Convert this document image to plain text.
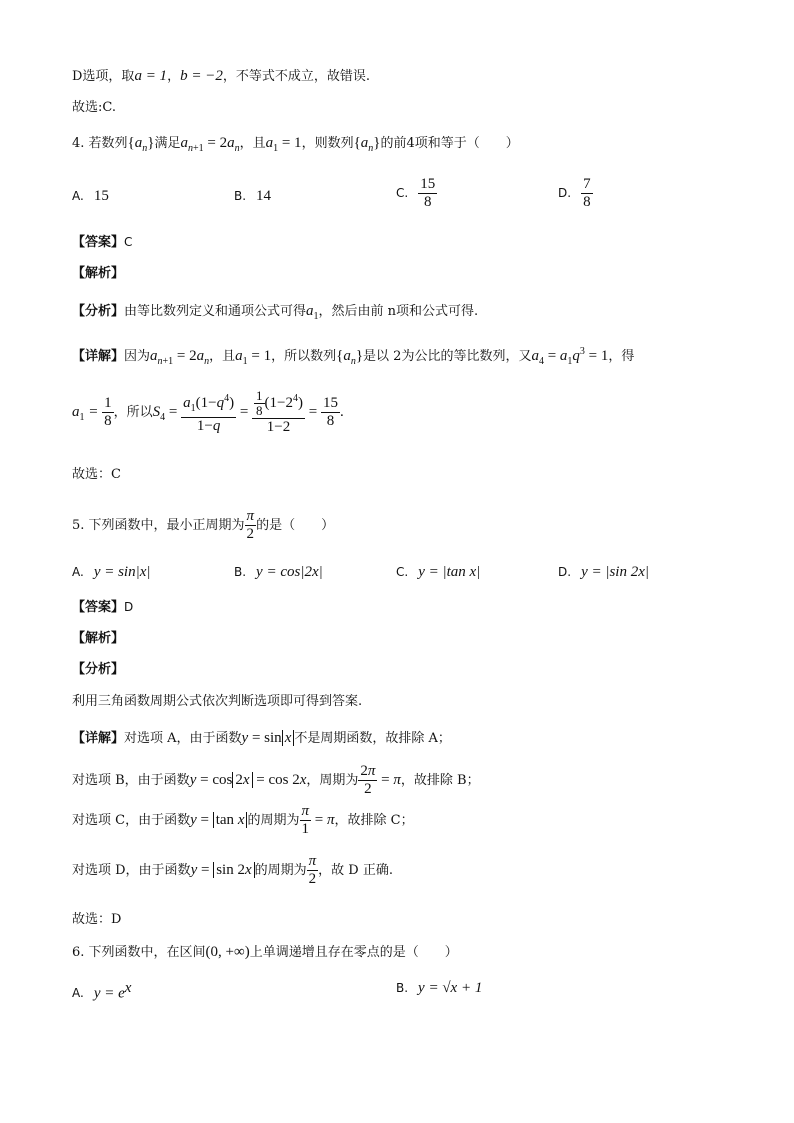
D选项，取a = 1，b = −2，不等式不成立，故错误.
故选:C.
4. 若数列$\{a_n\}$满足$a_{n+1} = 2a_n$，且$a_1 = 1$，则数列$\{a_n\}$的前4项和等于（　　）
A. 15	B. 14	C. $\frac{15}{8}$	D. $\frac{7}{8}$
【答案】C
【解析】
【分析】由等比数列定义和通项公式可得$a_1$，然后由前 n项和公式可得.
【详解】因为$a_{n+1} = 2a_n$，且$a_1 = 1$，所以数列$\{a_n\}$是以 2为公比的等比数列，又$a_4 = a_1q^3 = 1$，得
$a_1 = \frac{1}{8}$ ，所以$S_4 = \frac{a_1(1-q^4)}{1-q} = \frac{\frac{1}{8} (1-2^4)}{1-2} = \frac{15}{8}$ .
故选：C
5. 下列函数中，最小正周期为 $\frac{\pi}{2}$ 的是（　　）
A. y = sin|x|	B. y = cos|2x|	C. y = |tan x|	D. y = |sin 2x|
【答案】D
【解析】
【分析】
利用三角函数周期公式依次判断选项即可得到答案.
【详解】对选项 A，由于函数y = sin x 不是周期函数，故排除 A；
对选项 B，由于函数y = cos 2x = cos 2x，周期为 $\frac{2\pi}{2} = \pi$，故排除 B；
对选项 C，由于函数y = tan x 的周期为 $\frac{\pi}{1} = \pi$，故排除 C；
对选项 D，由于函数y = sin 2x 的周期为 $\frac{\pi}{2}$ ，故 D 正确.
故选：D
6. 下列函数中，在区间(0, +∞)上单调递增且存在零点的是（　　）
A. $y = e^x$	B. y = √x + 1
